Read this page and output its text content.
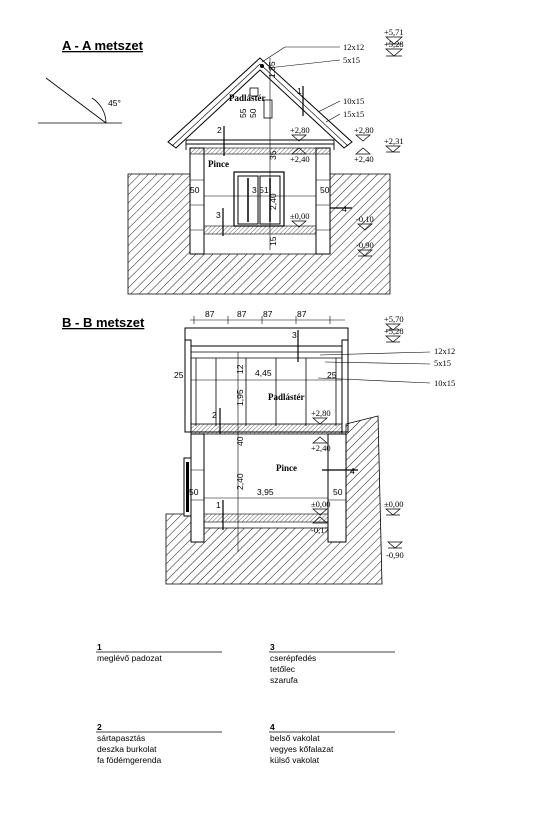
A - A metszet
45°	Padlástér
Pince
1,85
55 50
35
2,40
15
50	50
3,51
12x12
5x15
10x15
15x15
+5,71
+5,28
+2,80	+2,80
+2,31
+2,40	+2,40
±0,00	-0,10
-0,90
1
2
3
4
B - B metszet
87	87 87	87
Padlástér
Pince
12
1,95
40
2,40
25	25
4,45
50	50
3,95
12x12
5x15
10x15
+5,70
+5,28
+2,80
+2,40
±0,00
-0,17
±0,00
-0,90
3
2
1
4
1
meglévő padozat
3
cserépfedés
tetőlec
szarufa
2
sártapasztás
deszka burkolat
fa födémgerenda
4
belső vakolat
vegyes kőfalazat
külső vakolat
